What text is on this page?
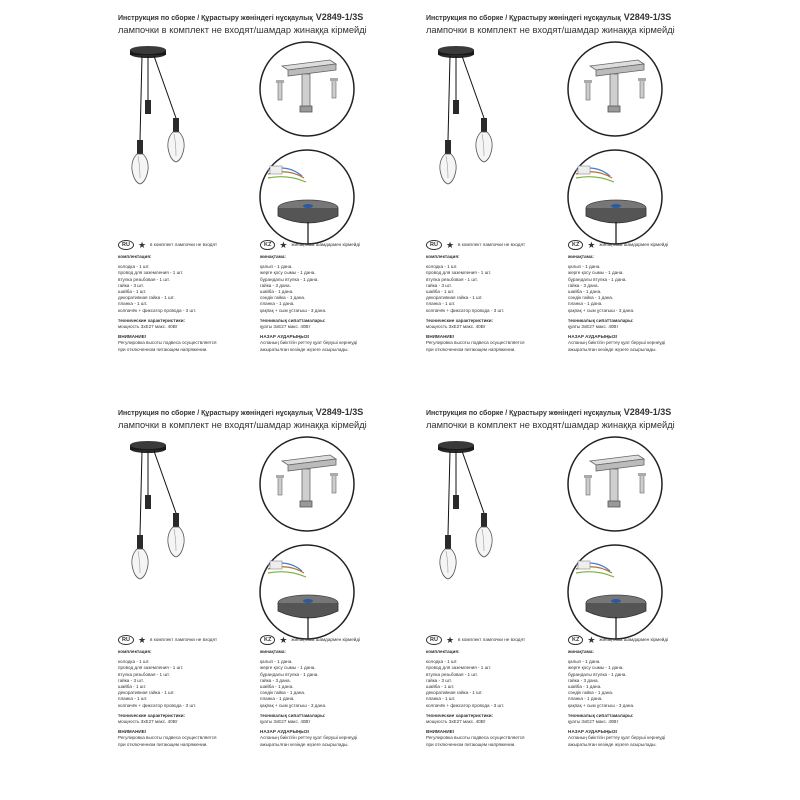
Инструкция по сборке / Құрастыру жөніндегі нұсқаулық V2849-1/3S
лампочки в комплект не входят/шамдар жинаққа кірмейді
RU ★ в комплект лампочки не входят
комплектация:
колодка - 1 шт.
провод для заземления - 1 шт.
втулка резьбовая - 1 шт.
гайка - 3 шт.
шайба - 1 шт.
декоративная гайка - 1 шт.
планка - 1 шт.
колпачёк + фиксатор провода - 3 шт.
технические характеристики:
мощность 3xE27 макс. 40Вт
ВНИМАНИЕ!
Регулировка высоты подвеса осуществляется
при отключенном питающем напряжении.
KZ ★ жинақтама шамдармен кірмейді
жинақтама:
қалып - 1 дана.
жерге қосу сымы - 1 дана.
бұрандалы втулка - 1 дана.
гайка - 3 дана.
шайба - 1 дана.
сәндік гайка - 1 дана.
планка - 1 дана.
қақпақ + сым ұстағыш - 3 дана.
техникалық сипаттамалары:
қуаты 3xE27 макс. 40Вт
НАЗАР АУДАРЫҢЫЗ!
Аспаның биіктігін реттеу қуат беруші кернеуді
ажыратылған кезінде жүзеге асырылады.
Инструкция по сборке / Құрастыру жөніндегі нұсқаулық V2849-1/3S
лампочки в комплект не входят/шамдар жинаққа кірмейді
RU ★ в комплект лампочки не входят
комплектация:
колодка - 1 шт.
провод для заземления - 1 шт.
втулка резьбовая - 1 шт.
гайка - 3 шт.
шайба - 1 шт.
декоративная гайка - 1 шт.
планка - 1 шт.
колпачёк + фиксатор провода - 3 шт.
технические характеристики:
мощность 3xE27 макс. 40Вт
ВНИМАНИЕ!
Регулировка высоты подвеса осуществляется
при отключенном питающем напряжении.
KZ ★ жинақтама шамдармен кірмейді
жинақтама:
қалып - 1 дана.
жерге қосу сымы - 1 дана.
бұрандалы втулка - 1 дана.
гайка - 3 дана.
шайба - 1 дана.
сәндік гайка - 1 дана.
планка - 1 дана.
қақпақ + сым ұстағыш - 3 дана.
техникалық сипаттамалары:
қуаты 3xE27 макс. 40Вт
НАЗАР АУДАРЫҢЫЗ!
Аспаның биіктігін реттеу қуат беруші кернеуді
ажыратылған кезінде жүзеге асырылады.
Инструкция по сборке / Құрастыру жөніндегі нұсқаулық V2849-1/3S
лампочки в комплект не входят/шамдар жинаққа кірмейді
RU ★ в комплект лампочки не входят
комплектация:
колодка - 1 шт.
провод для заземления - 1 шт.
втулка резьбовая - 1 шт.
гайка - 3 шт.
шайба - 1 шт.
декоративная гайка - 1 шт.
планка - 1 шт.
колпачёк + фиксатор провода - 3 шт.
технические характеристики:
мощность 3xE27 макс. 40Вт
ВНИМАНИЕ!
Регулировка высоты подвеса осуществляется
при отключенном питающем напряжении.
KZ ★ жинақтама шамдармен кірмейді
жинақтама:
қалып - 1 дана.
жерге қосу сымы - 1 дана.
бұрандалы втулка - 1 дана.
гайка - 3 дана.
шайба - 1 дана.
сәндік гайка - 1 дана.
планка - 1 дана.
қақпақ + сым ұстағыш - 3 дана.
техникалық сипаттамалары:
қуаты 3xE27 макс. 40Вт
НАЗАР АУДАРЫҢЫЗ!
Аспаның биіктігін реттеу қуат беруші кернеуді
ажыратылған кезінде жүзеге асырылады.
Инструкция по сборке / Құрастыру жөніндегі нұсқаулық V2849-1/3S
лампочки в комплект не входят/шамдар жинаққа кірмейді
RU ★ в комплект лампочки не входят
комплектация:
колодка - 1 шт.
провод для заземления - 1 шт.
втулка резьбовая - 1 шт.
гайка - 3 шт.
шайба - 1 шт.
декоративная гайка - 1 шт.
планка - 1 шт.
колпачёк + фиксатор провода - 3 шт.
технические характеристики:
мощность 3xE27 макс. 40Вт
ВНИМАНИЕ!
Регулировка высоты подвеса осуществляется
при отключенном питающем напряжении.
KZ ★ жинақтама шамдармен кірмейді
жинақтама:
қалып - 1 дана.
жерге қосу сымы - 1 дана.
бұрандалы втулка - 1 дана.
гайка - 3 дана.
шайба - 1 дана.
сәндік гайка - 1 дана.
планка - 1 дана.
қақпақ + сым ұстағыш - 3 дана.
техникалық сипаттамалары:
қуаты 3xE27 макс. 40Вт
НАЗАР АУДАРЫҢЫЗ!
Аспаның биіктігін реттеу қуат беруші кернеуді
ажыратылған кезінде жүзеге асырылады.
